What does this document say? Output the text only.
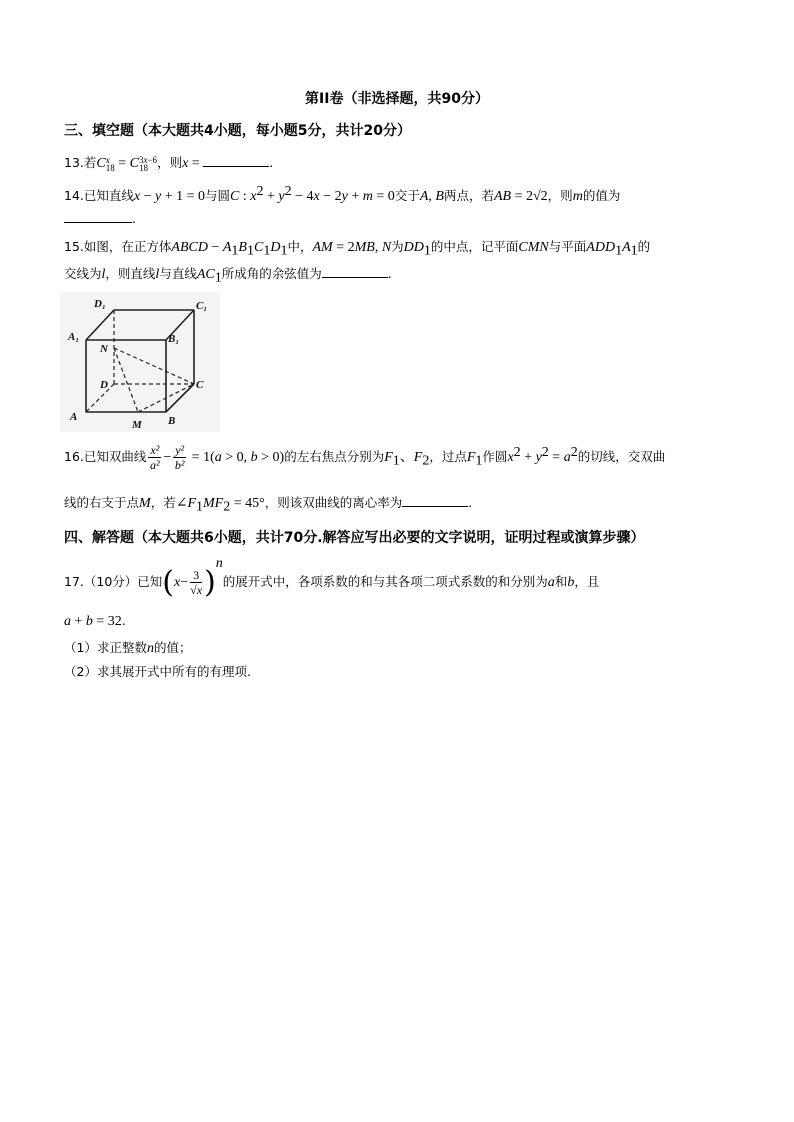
第II卷（非选择题，共90分）
三、填空题（本大题共4小题，每小题5分，共计20分）
13.若C x
18 = C 3x−6
18 ，则x =	.
14.已知直线x − y + 1 = 0与圆C : $x^2 + y^2 - 4x - 2y + m = 0$交于A, B两点，若AB = 2√2，则m的值为
.
15.如图，在正方体ABCD − $A_1B_1C_1D_1$中，AM = 2MB, N为$DD_1$的中点，记平面CMN与平面$ADD_1A_1$的
交线为l，则直线l与直线$AC_1$所成角的余弦值为	.
D₁	C₁
A₁	B₁
N
D	C
A	B
M
16.已知双曲线 $\frac{\text{x²}}{\text{a²}} - \frac{\text{y²}}{\text{b²}} = 1(a > 0$, b > 0)的左右焦点分别为$F_1$、$F_2$，过点$F_1$作圆$x^2 + y^2 = a^2$的切线，交双曲
线的右支于点M，若$\angle F_1MF_2 = 45^\circ$，则该双曲线的离心率为	.
四、解答题（本大题共6小题，共计70分.解答应写出必要的文字说明，证明过程或演算步骤）
17.（10分）已知$(x- \frac{3}{√x} )^n$的展开式中，各项系数的和与其各项二项式系数的和分别为a和b，且
a + b = 32.
（1）求正整数n的值；
（2）求其展开式中所有的有理项.
